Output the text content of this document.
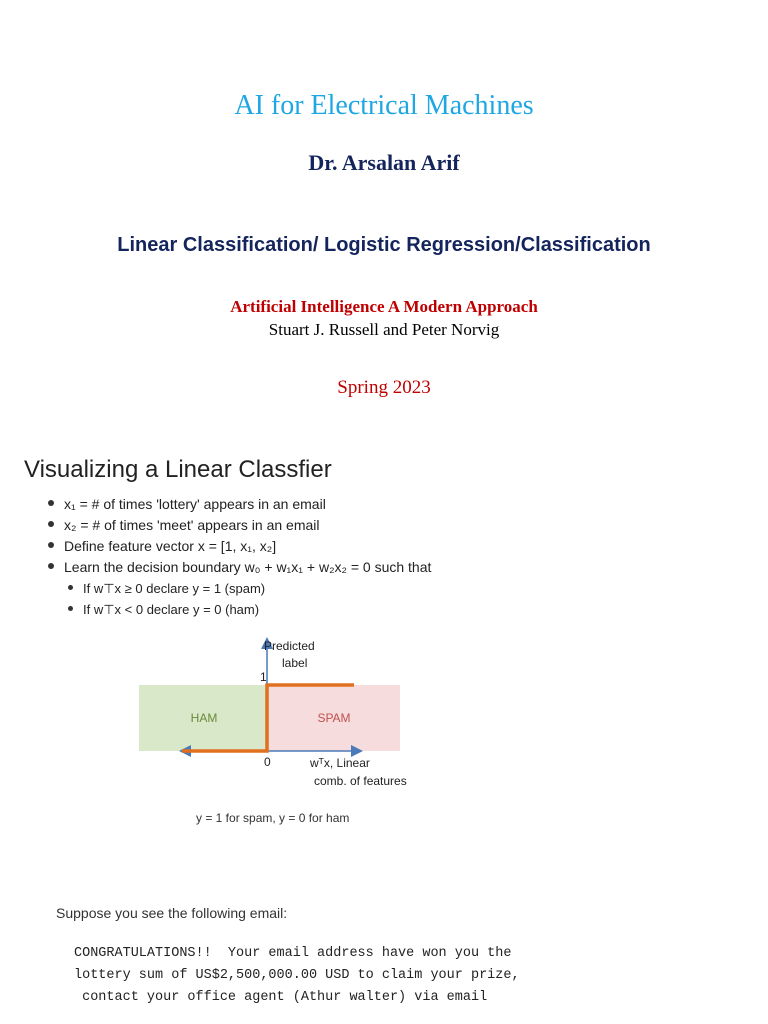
AI for Electrical Machines
Dr. Arsalan Arif
Linear Classification/ Logistic Regression/Classification
Artificial Intelligence A Modern Approach
Stuart J. Russell and Peter Norvig
Spring 2023
Visualizing a Linear Classfier
x₁ = # of times 'lottery' appears in an email
x₂ = # of times 'meet' appears in an email
Define feature vector x = [1, x₁, x₂]
Learn the decision boundary w₀ + w₁x₁ + w₂x₂ = 0 such that
If w⊤x ≥ 0 declare y = 1 (spam)
If w⊤x < 0 declare y = 0 (ham)
Predicted
label
1
0
HAM	SPAM
wᵀx, Linear
comb. of features
y = 1 for spam, y = 0 for ham
Suppose you see the following email:
CONGRATULATIONS!!  Your email address have won you the
lottery sum of US$2,500,000.00 USD to claim your prize,
contact your office agent (Athur walter) via email
